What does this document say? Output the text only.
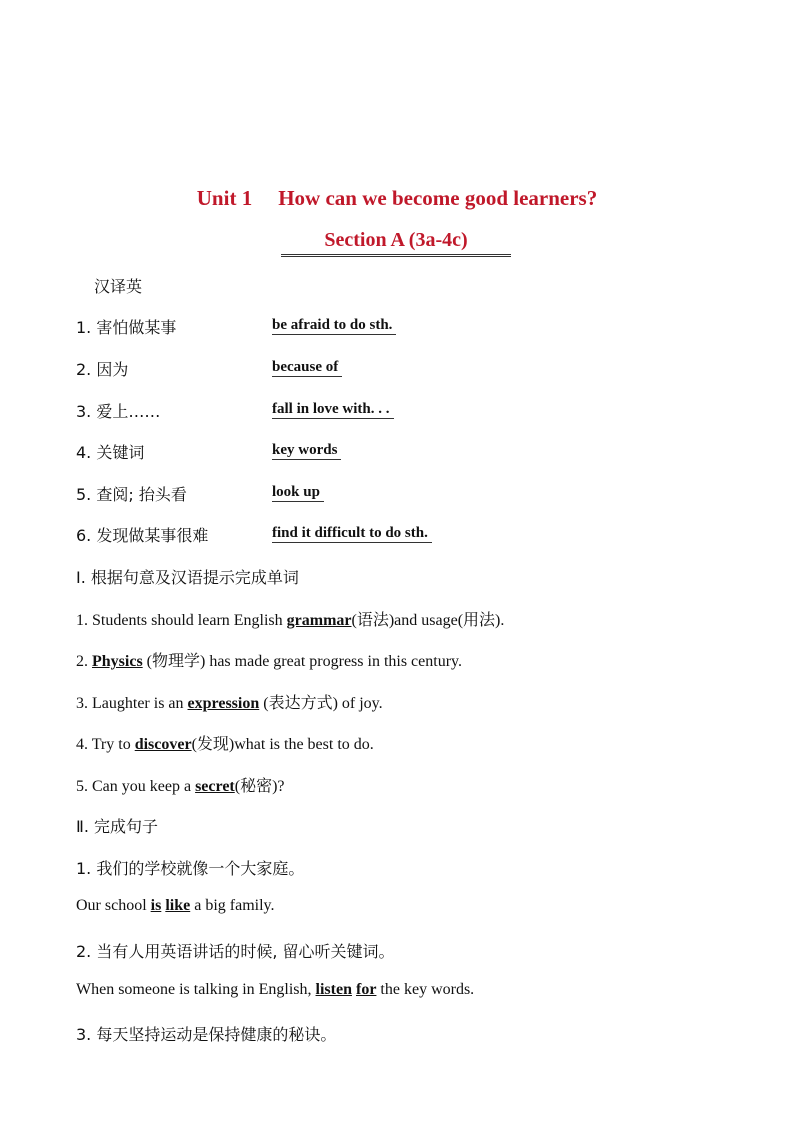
Unit 1 How can we become good learners?
Section A (3a-4c)
汉译英
1. 害怕做某事	be afraid to do sth.
2. 因为	because of
3. 爱上……	fall in love with. . .
4. 关键词	key words
5. 查阅; 抬头看	look up
6. 发现做某事很难	find it difficult to do sth.
Ⅰ. 根据句意及汉语提示完成单词
1. Students should learn English grammar(语法)and usage(用法).
2. Physics (物理学) has made great progress in this century.
3. Laughter is an expression (表达方式) of joy.
4. Try to discover(发现)what is the best to do.
5. Can you keep a secret(秘密)?
Ⅱ. 完成句子
1. 我们的学校就像一个大家庭。
Our school is like a big family.
2. 当有人用英语讲话的时候, 留心听关键词。
When someone is talking in English, listen for the key words.
3. 每天坚持运动是保持健康的秘诀。
